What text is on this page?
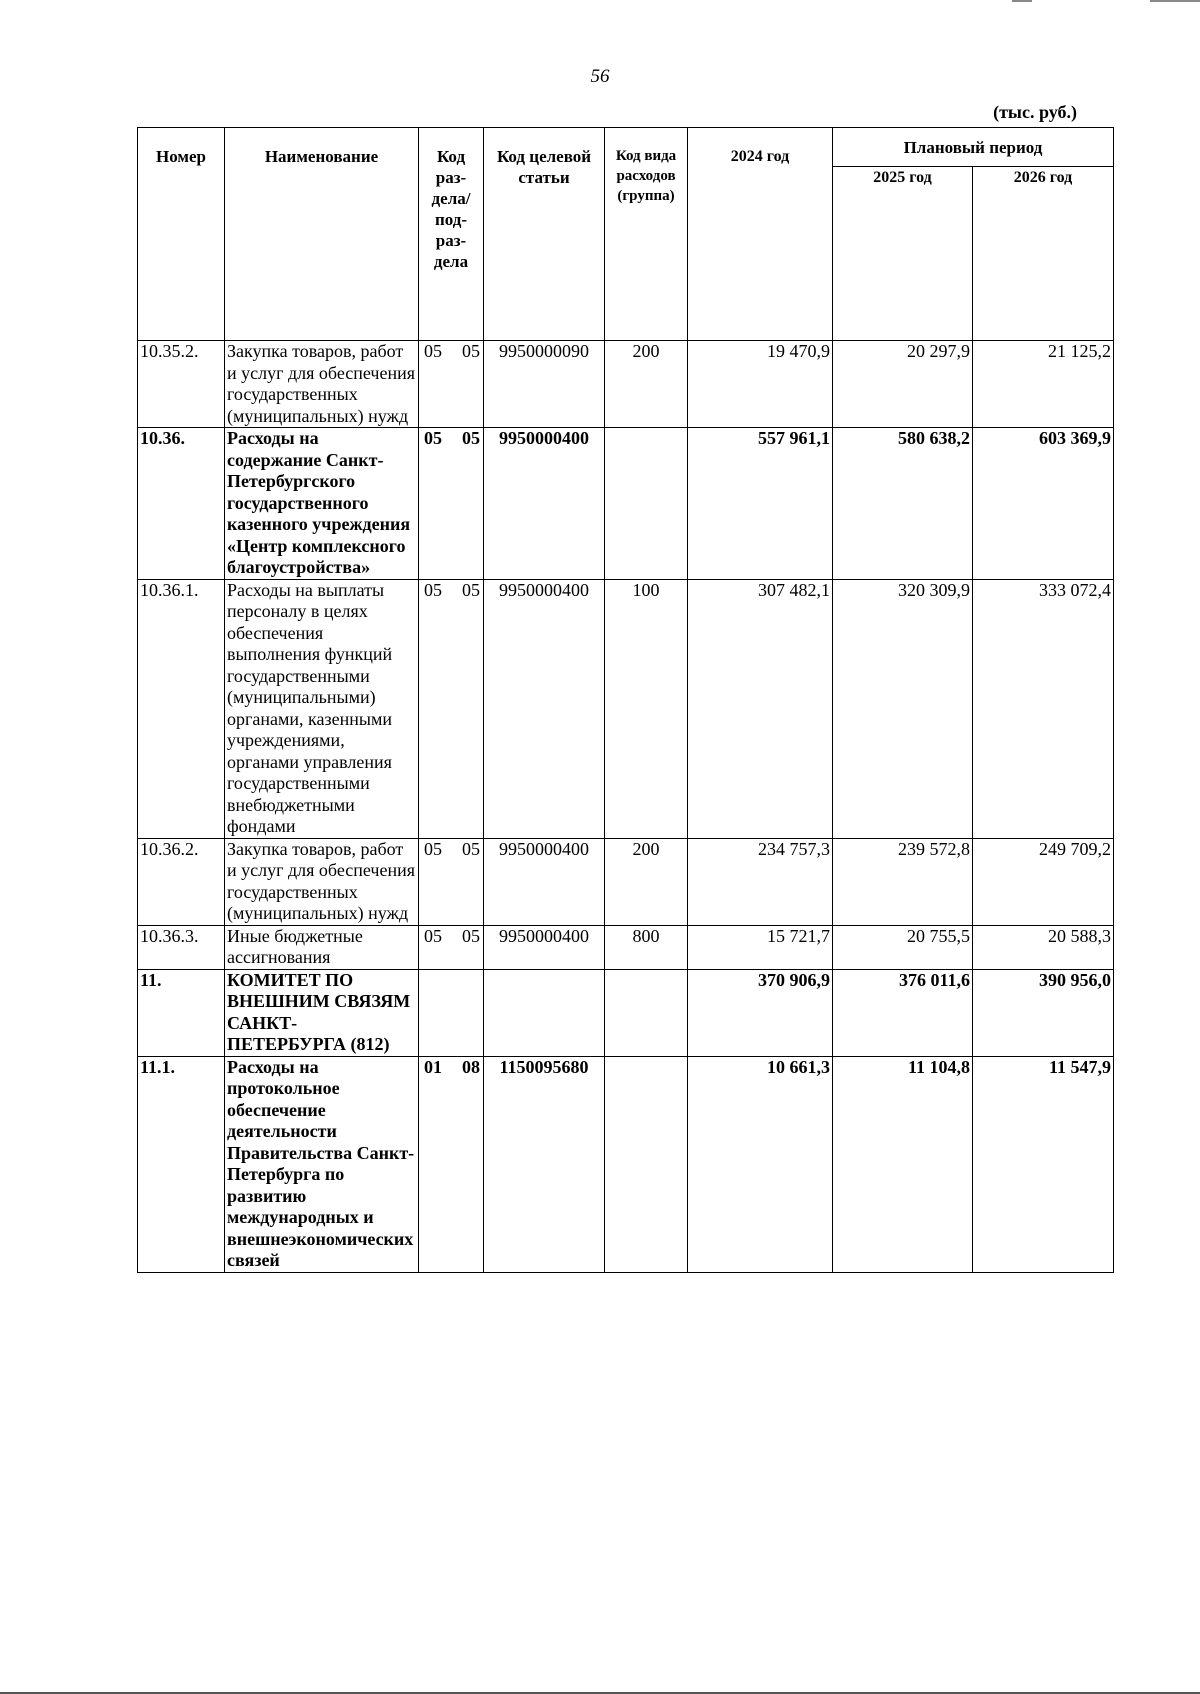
56
(тыс. руб.)
Номер	Наименование	Код раз-дела/ под-раз-дела	Код целевой статьи	Код вида расходов (группа)	2024 год	Плановый период	
						2025 год	2026 год
10.35.2.	Закупка товаров, работ и услуг для обеспечения государственных (муниципальных) нужд	05 05	9950000090	200	19 470,9	20 297,9	21 125,2
10.36.	Расходы на содержание Санкт-Петербургского государственного казенного учреждения «Центр комплексного благоустройства»	05 05	9950000400		557 961,1	580 638,2	603 369,9
10.36.1.	Расходы на выплаты персоналу в целях обеспечения выполнения функций государственными (муниципальными) органами, казенными учреждениями, органами управления государственными внебюджетными фондами	05 05	9950000400	100	307 482,1	320 309,9	333 072,4
10.36.2.	Закупка товаров, работ и услуг для обеспечения государственных (муниципальных) нужд	05 05	9950000400	200	234 757,3	239 572,8	249 709,2
10.36.3.	Иные бюджетные ассигнования	05 05	9950000400	800	15 721,7	20 755,5	20 588,3
11.	КОМИТЕТ ПО ВНЕШНИМ СВЯЗЯМ САНКТ-ПЕТЕРБУРГА (812)				370 906,9	376 011,6	390 956,0
11.1.	Расходы на протокольное обеспечение деятельности Правительства Санкт-Петербурга по развитию международных и внешнеэкономических связей	01 08	1150095680		10 661,3	11 104,8	11 547,9
